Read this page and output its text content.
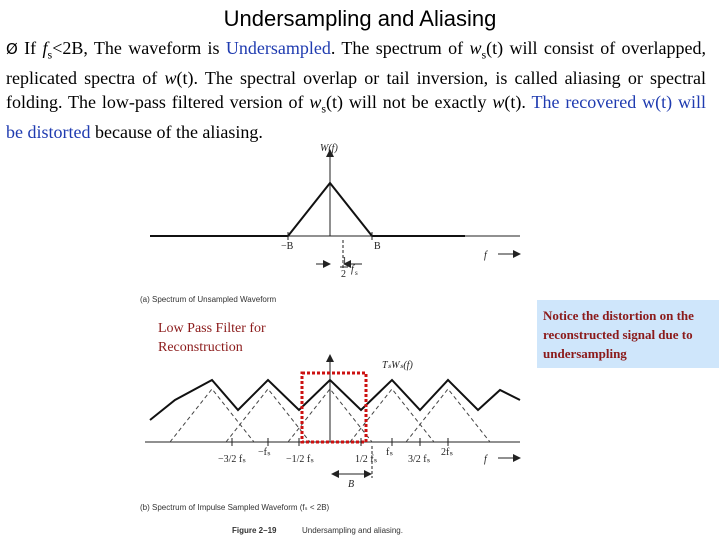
Undersampling and Aliasing
Ø If $f_s<2B$, The waveform is Undersampled. The spectrum of $w_s(t)$ will consist of overlapped, replicated spectra of w(t). The spectral overlap or tail inversion, is called aliasing or spectral folding. The low-pass filtered version of $w_s(t)$ will not be exactly w(t). The recovered w(t) will be distorted because of the aliasing.
W(f)
−B	B
f
1
2 f s
(a) Spectrum of Unsampled Waveform
TₛWₛ(f)
−3/2 fₛ
−fₛ
−1/2 fₛ	1/2 fₛ
fₛ
3/2 fₛ
2fₛ
f
B
(b) Spectrum of Impulse Sampled Waveform (fₛ < 2B)
Figure 2–19	Undersampling and aliasing.
Low Pass Filter for Reconstruction
Notice the distortion on the reconstructed signal due to undersampling
